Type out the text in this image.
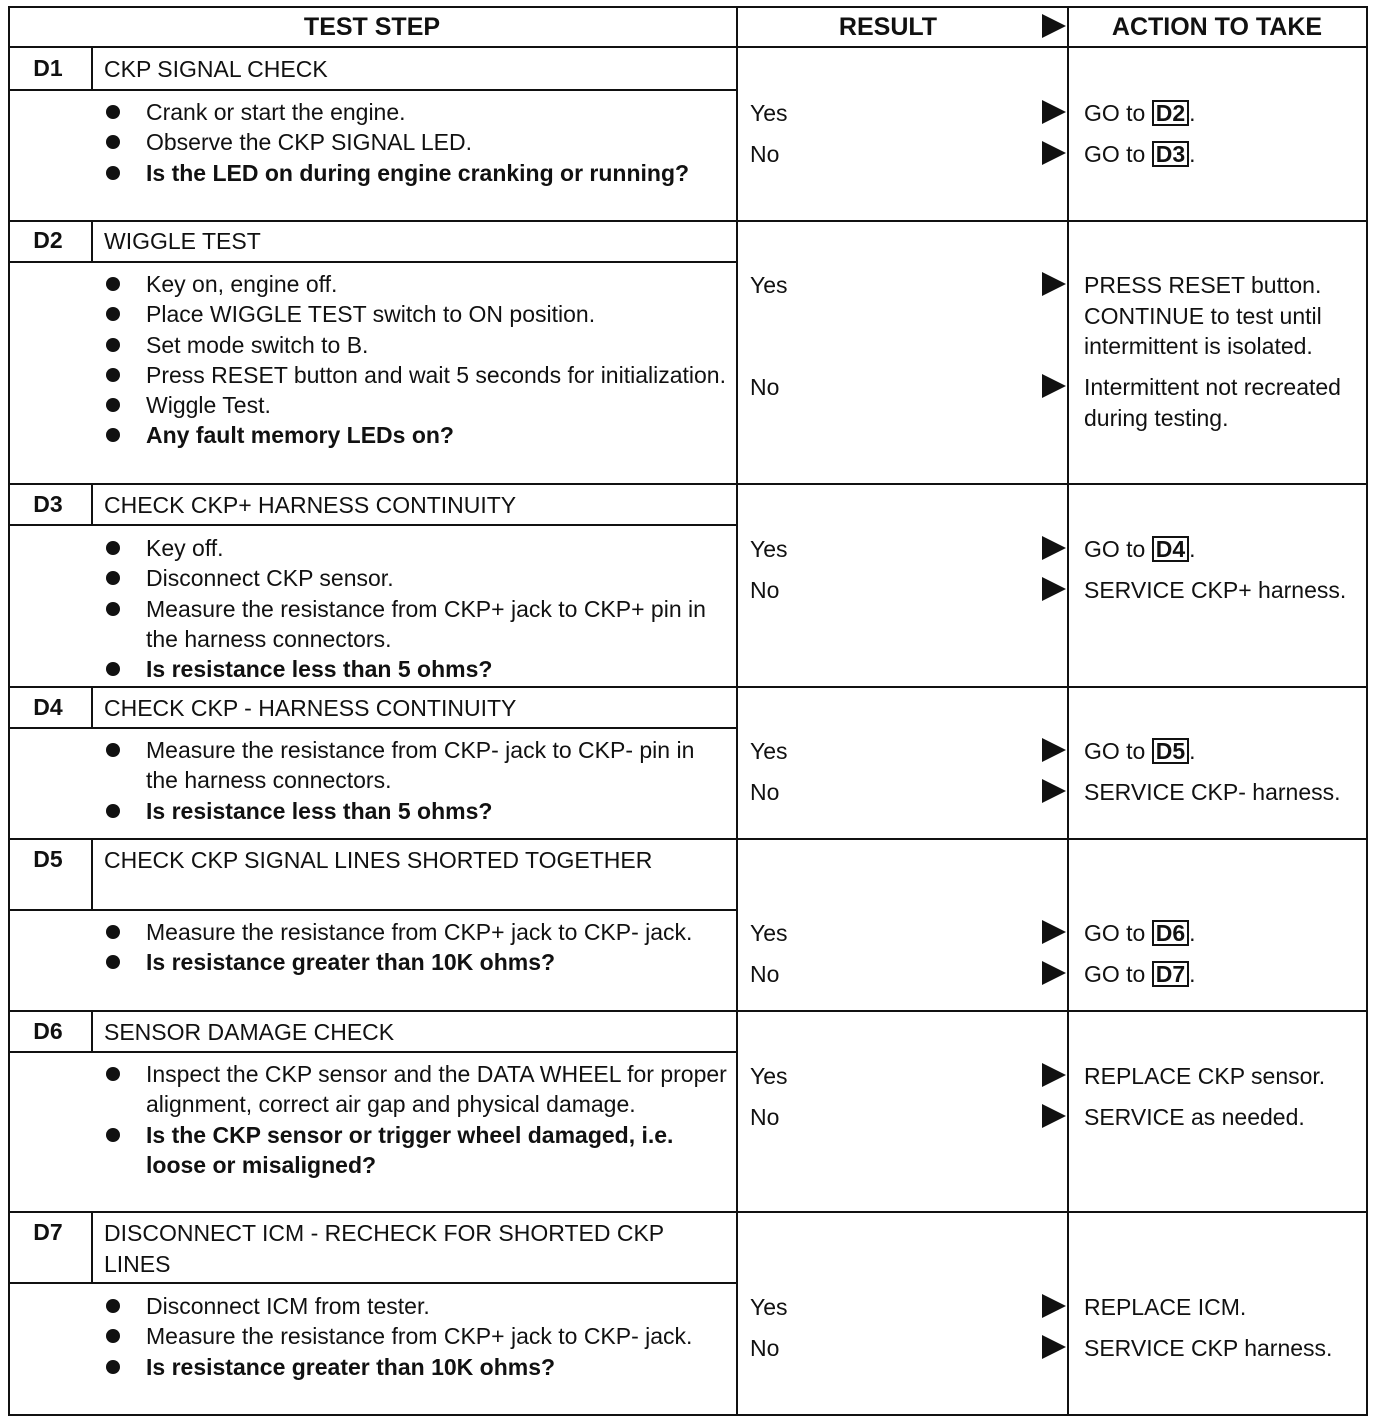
TEST STEP	RESULT	ACTION TO TAKE
D1	CKP SIGNAL CHECK
Crank or start the engine.
Observe the CKP SIGNAL LED.
Is the LED on during engine cranking or running?
Yes	GO to D2 .
No	GO to D3 .
D2	WIGGLE TEST
Key on, engine off.
Place WIGGLE TEST switch to ON position.
Set mode switch to B.
Press RESET button and wait 5 seconds for initialization.
Wiggle Test.
Any fault memory LEDs on?
Yes	PRESS RESET button. CONTINUE to test until intermittent is isolated.
No	Intermittent not recreated during testing.
D3	CHECK CKP+ HARNESS CONTINUITY
Key off.
Disconnect CKP sensor.
Measure the resistance from CKP+ jack to CKP+ pin in the harness connectors.
Is resistance less than 5 ohms?
Yes	GO to D4 .
No	SERVICE CKP+ harness.
D4	CHECK CKP - HARNESS CONTINUITY
Measure the resistance from CKP- jack to CKP- pin in the harness connectors.
Is resistance less than 5 ohms?
Yes	GO to D5 .
No	SERVICE CKP- harness.
D5	CHECK CKP SIGNAL LINES SHORTED TOGETHER
Measure the resistance from CKP+ jack to CKP- jack.
Is resistance greater than 10K ohms?
Yes	GO to D6 .
No	GO to D7 .
D6	SENSOR DAMAGE CHECK
Inspect the CKP sensor and the DATA WHEEL for proper alignment, correct air gap and physical damage.
Is the CKP sensor or trigger wheel damaged, i.e. loose or misaligned?
Yes	REPLACE CKP sensor.
No	SERVICE as needed.
D7	DISCONNECT ICM - RECHECK FOR SHORTED CKP LINES
Disconnect ICM from tester.
Measure the resistance from CKP+ jack to CKP- jack.
Is resistance greater than 10K ohms?
Yes	REPLACE ICM.
No	SERVICE CKP harness.
